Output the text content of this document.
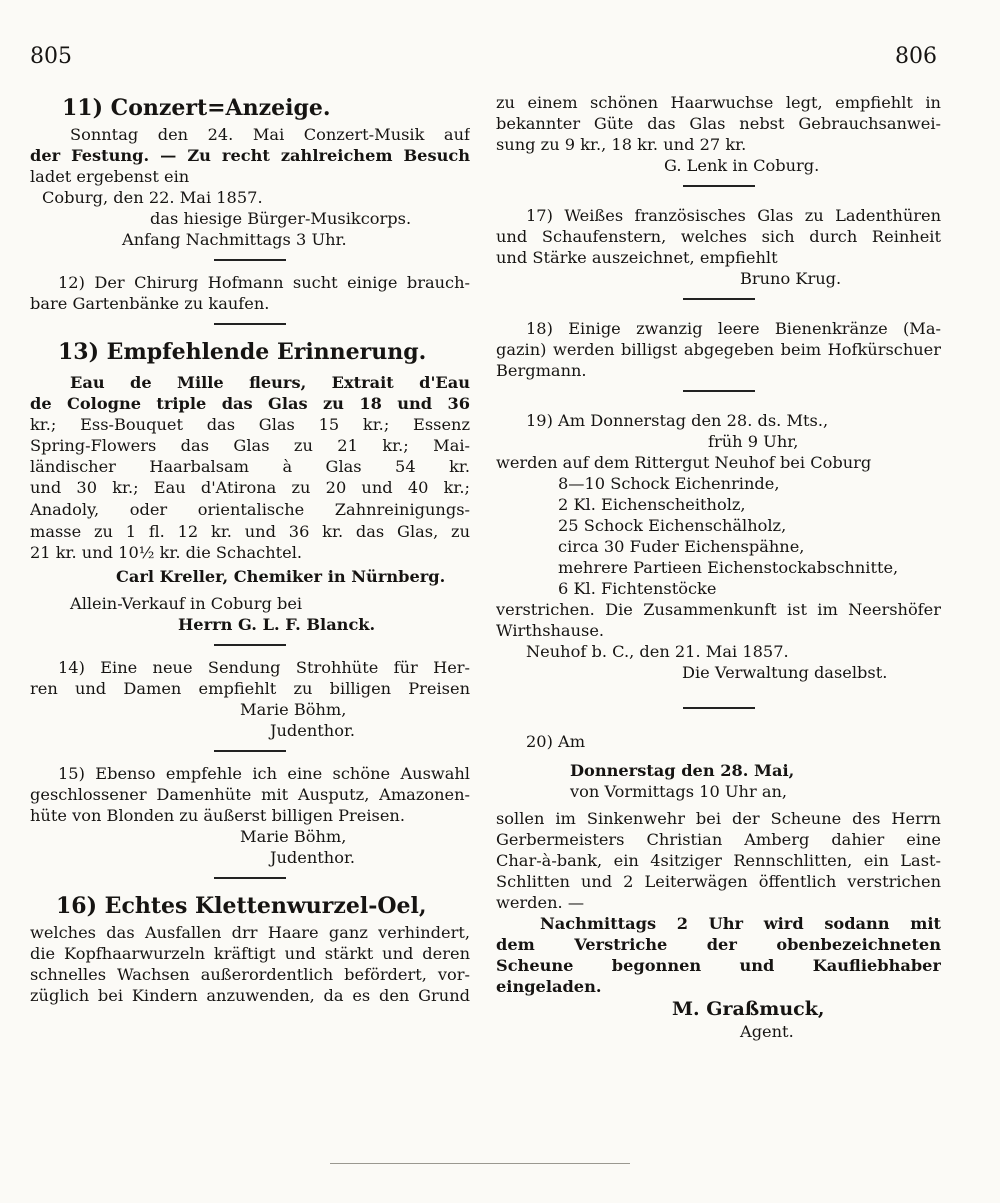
805	806
11) Conzert=Anzeige.
Sonntag den 24. Mai Conzert-Musik auf
der Festung. — Zu recht zahlreichem Besuch
ladet ergebenst ein
Coburg, den 22. Mai 1857.
das hiesige Bürger-Musikcorps.
Anfang Nachmittags 3 Uhr.
12) Der Chirurg Hofmann sucht einige brauch-
bare Gartenbänke zu kaufen.
13) Empfehlende Erinnerung.
Eau de Mille fleurs, Extrait d'Eau
de Cologne triple das Glas zu 18 und 36
kr.; Ess-Bouquet das Glas 15 kr.; Essenz
Spring-Flowers das Glas zu 21 kr.; Mai-
ländischer Haarbalsam à Glas 54 kr.
und 30 kr.; Eau d'Atirona zu 20 und 40 kr.;
Anadoly, oder orientalische Zahnreinigungs-
masse zu 1 fl. 12 kr. und 36 kr. das Glas, zu
21 kr. und 10½ kr. die Schachtel.
Carl Kreller, Chemiker in Nürnberg.
Allein-Verkauf in Coburg bei
Herrn G. L. F. Blanck.
14) Eine neue Sendung Strohhüte für Her-
ren und Damen empfiehlt zu billigen Preisen
Marie Böhm,
Judenthor.
15) Ebenso empfehle ich eine schöne Auswahl
geschlossener Damenhüte mit Ausputz, Amazonen-
hüte von Blonden zu äußerst billigen Preisen.
Marie Böhm,
Judenthor.
16) Echtes Klettenwurzel-Oel,
welches das Ausfallen drr Haare ganz verhindert,
die Kopfhaarwurzeln kräftigt und stärkt und deren
schnelles Wachsen außerordentlich befördert, vor-
züglich bei Kindern anzuwenden, da es den Grund
zu einem schönen Haarwuchse legt, empfiehlt in
bekannter Güte das Glas nebst Gebrauchsanwei-
sung zu 9 kr., 18 kr. und 27 kr.
G. Lenk in Coburg.
17) Weißes französisches Glas zu Ladenthüren
und Schaufenstern, welches sich durch Reinheit
und Stärke auszeichnet, empfiehlt
Bruno Krug.
18) Einige zwanzig leere Bienenkränze (Ma-
gazin) werden billigst abgegeben beim Hofkürschuer
Bergmann.
19) Am Donnerstag den 28. ds. Mts.,
früh 9 Uhr,
werden auf dem Rittergut Neuhof bei Coburg
8—10 Schock Eichenrinde,
2 Kl. Eichenscheitholz,
25 Schock Eichenschälholz,
circa 30 Fuder Eichenspähne,
mehrere Partieen Eichenstockabschnitte,
6 Kl. Fichtenstöcke
verstrichen. Die Zusammenkunft ist im Neershöfer
Wirthshause.
Neuhof b. C., den 21. Mai 1857.
Die Verwaltung daselbst.
20) Am
Donnerstag den 28. Mai,
von Vormittags 10 Uhr an,
sollen im Sinkenwehr bei der Scheune des Herrn
Gerbermeisters Christian Amberg dahier eine
Char-à-bank, ein 4sitziger Rennschlitten, ein Last-
Schlitten und 2 Leiterwägen öffentlich verstrichen
werden. —
Nachmittags 2 Uhr wird sodann mit
dem Verstriche der obenbezeichneten
Scheune begonnen und Kaufliebhaber
eingeladen.
M. Graßmuck,
Agent.
